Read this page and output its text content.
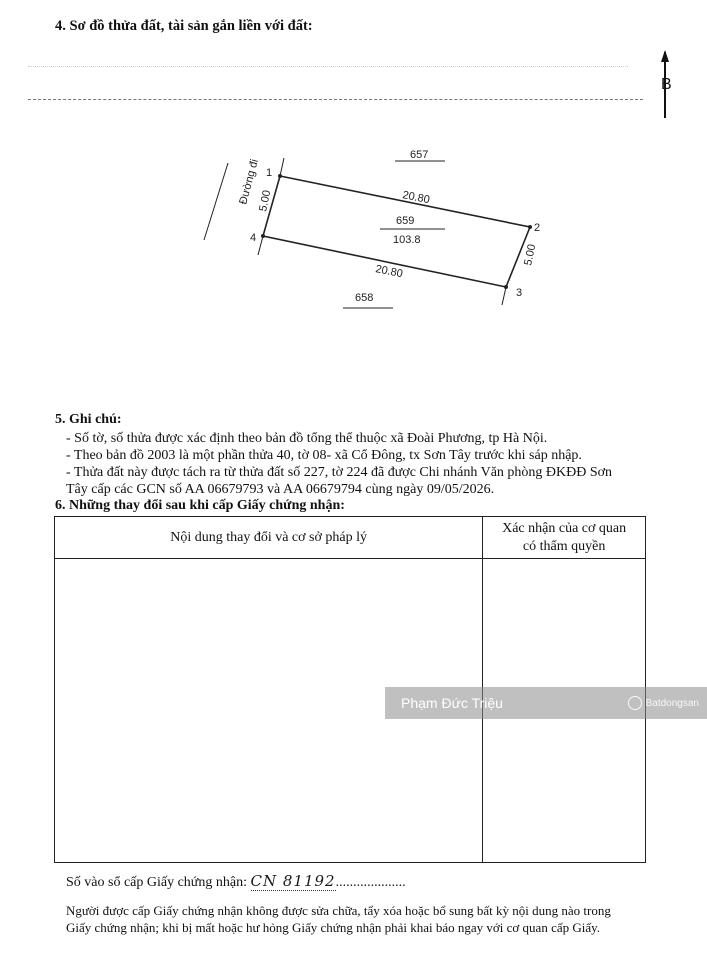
4. Sơ đồ thửa đất, tài sản gắn liền với đất:
B
Đường đi 1
2
3
4
657
658
659
103.8
20.80
20.80
5.00
5.00
5. Ghi chú:
- Số tờ, số thửa được xác định theo bản đồ tổng thể thuộc xã Đoài Phương, tp Hà Nội.
- Theo bản đồ 2003 là một phần thửa 40, tờ 08- xã Cổ Đông, tx Sơn Tây trước khi sáp nhập.
- Thửa đất này được tách ra từ thửa đất số 227, tờ 224 đã được Chi nhánh Văn phòng ĐKĐĐ Sơn
Tây cấp các GCN số AA 06679793 và AA 06679794 cùng ngày 09/05/2026.
6. Những thay đổi sau khi cấp Giấy chứng nhận:
Nội dung thay đổi và cơ sở pháp lý	Xác nhận của cơ quan
có thẩm quyền

Phạm Đức Triệu	Batdongsan
Số vào sổ cấp Giấy chứng nhận: CN 81192....................
Người được cấp Giấy chứng nhận không được sửa chữa, tẩy xóa hoặc bổ sung bất kỳ nội dung nào trong
Giấy chứng nhận; khi bị mất hoặc hư hỏng Giấy chứng nhận phải khai báo ngay với cơ quan cấp Giấy.
